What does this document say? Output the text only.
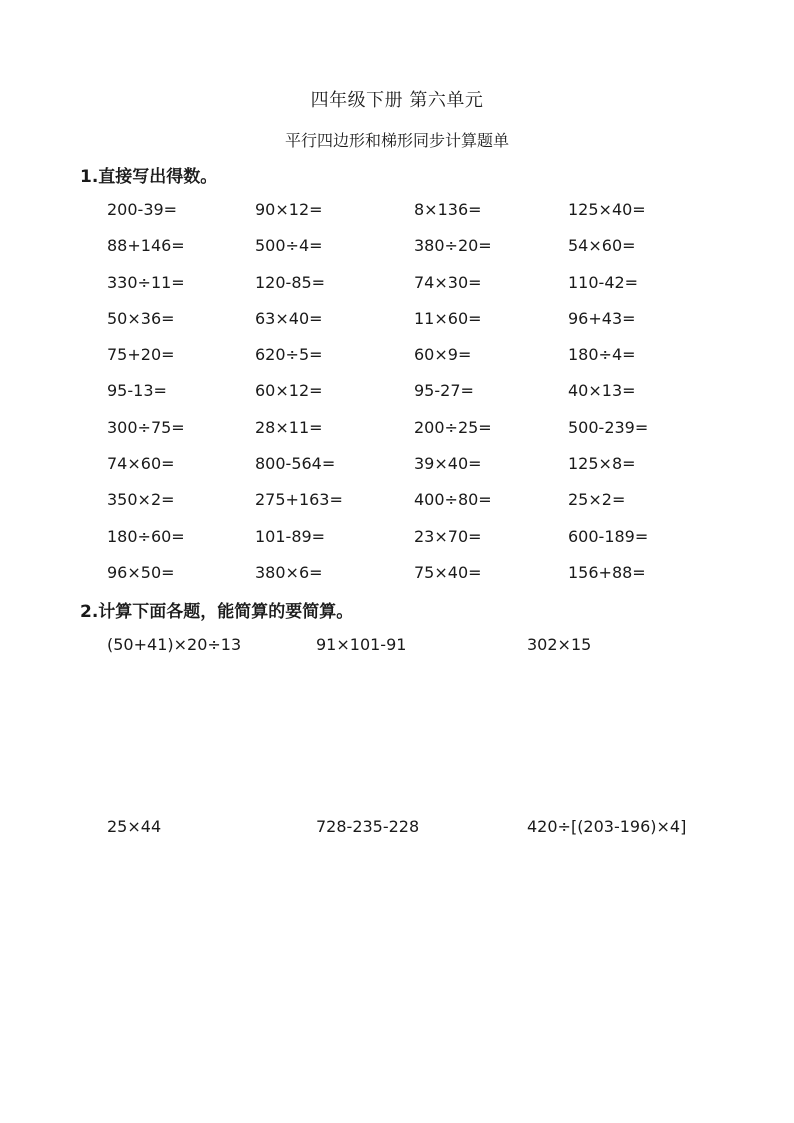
四年级下册 第六单元
平行四边形和梯形同步计算题单
1.直接写出得数。
200-39=	90×12=	8×136=	125×40=
88+146=	500÷4=	380÷20=	54×60=
330÷11=	120-85=	74×30=	110-42=
50×36=	63×40=	11×60=	96+43=
75+20=	620÷5=	60×9=	180÷4=
95-13=	60×12=	95-27=	40×13=
300÷75=	28×11=	200÷25=	500-239=
74×60=	800-564=	39×40=	125×8=
350×2=	275+163=	400÷80=	25×2=
180÷60=	101-89=	23×70=	600-189=
96×50=	380×6=	75×40=	156+88=
2.计算下面各题，能简算的要简算。
(50+41)×20÷13	91×101-91	302×15
25×44	728-235-228	420÷[(203-196)×4]
